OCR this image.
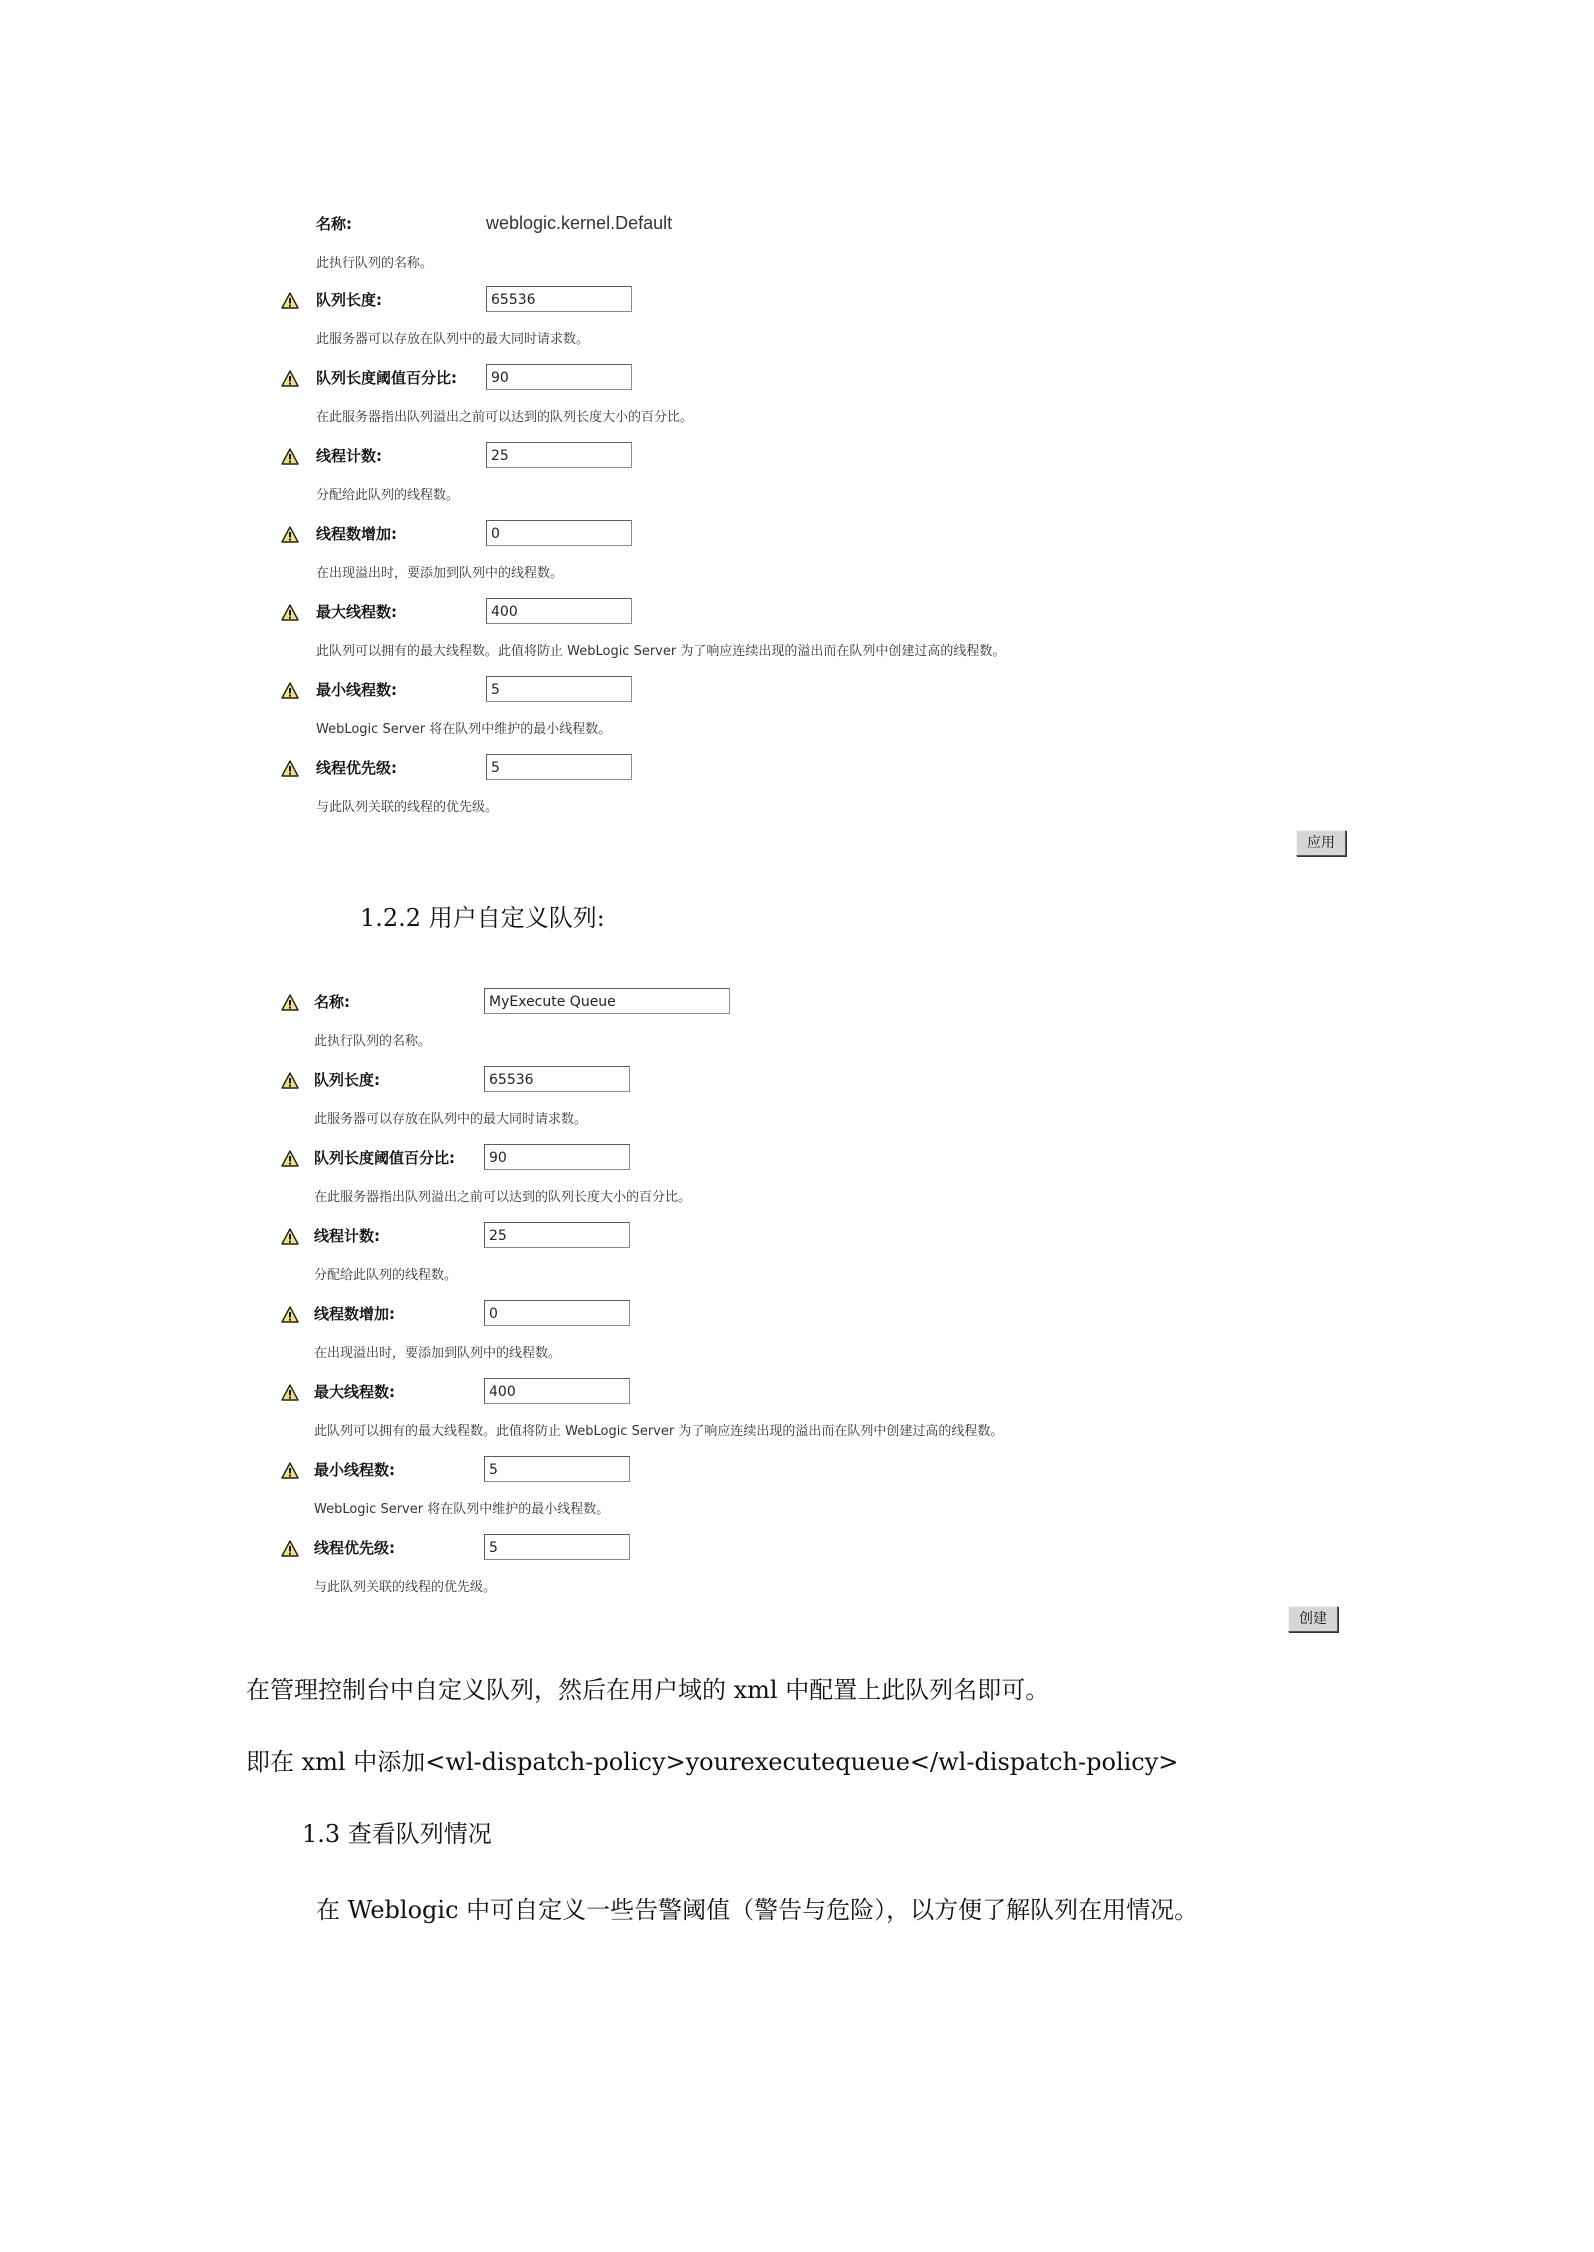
名称:	weblogic.kernel.Default
此执行队列的名称。
队列长度:	65536
此服务器可以存放在队列中的最大同时请求数。
队列长度阈值百分比:	90
在此服务器指出队列溢出之前可以达到的队列长度大小的百分比。
线程计数:	25
分配给此队列的线程数。
线程数增加:	0
在出现溢出时，要添加到队列中的线程数。
最大线程数:	400
此队列可以拥有的最大线程数。此值将防止 WebLogic Server 为了响应连续出现的溢出而在队列中创建过高的线程数。
最小线程数:	5
WebLogic Server 将在队列中维护的最小线程数。
线程优先级:	5
与此队列关联的线程的优先级。
应用
1.2.2 用户自定义队列:
名称:	MyExecute Queue
此执行队列的名称。
队列长度:	65536
此服务器可以存放在队列中的最大同时请求数。
队列长度阈值百分比:	90
在此服务器指出队列溢出之前可以达到的队列长度大小的百分比。
线程计数:	25
分配给此队列的线程数。
线程数增加:	0
在出现溢出时，要添加到队列中的线程数。
最大线程数:	400
此队列可以拥有的最大线程数。此值将防止 WebLogic Server 为了响应连续出现的溢出而在队列中创建过高的线程数。
最小线程数:	5
WebLogic Server 将在队列中维护的最小线程数。
线程优先级:	5
与此队列关联的线程的优先级。
创建
在管理控制台中自定义队列，然后在用户域的 xml 中配置上此队列名即可。
即在 xml 中添加<wl-dispatch-policy>yourexecutequeue</wl-dispatch-policy>
1.3 查看队列情况
在 Weblogic 中可自定义一些告警阈值（警告与危险），以方便了解队列在用情况。
